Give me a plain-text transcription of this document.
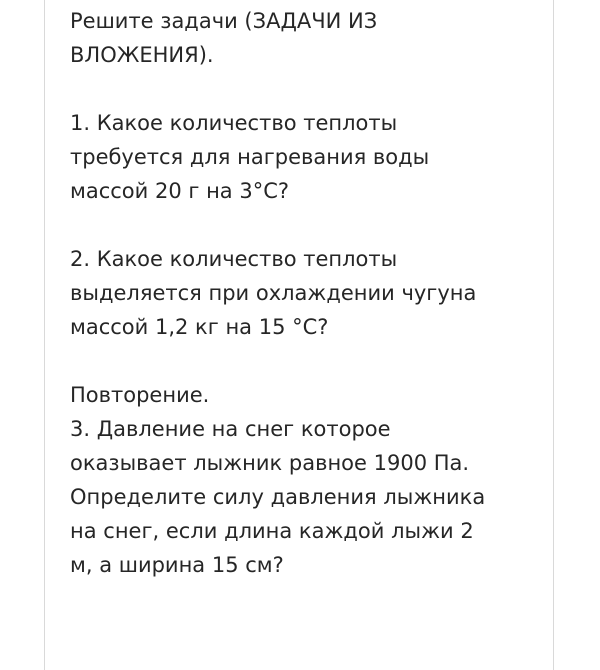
Решите задачи (ЗАДАЧИ ИЗ
ВЛОЖЕНИЯ).

1. Какое количество теплоты
требуется для нагревания воды
массой 20 г на 3°С?

2. Какое количество теплоты
выделяется при охлаждении чугуна
массой 1,2 кг на 15 °С?

Повторение.

3. Давление на снег которое
оказывает лыжник равное 1900 Па.
Определите силу давления лыжника
на снег, если длина каждой лыжи 2
м, а ширина 15 см?
